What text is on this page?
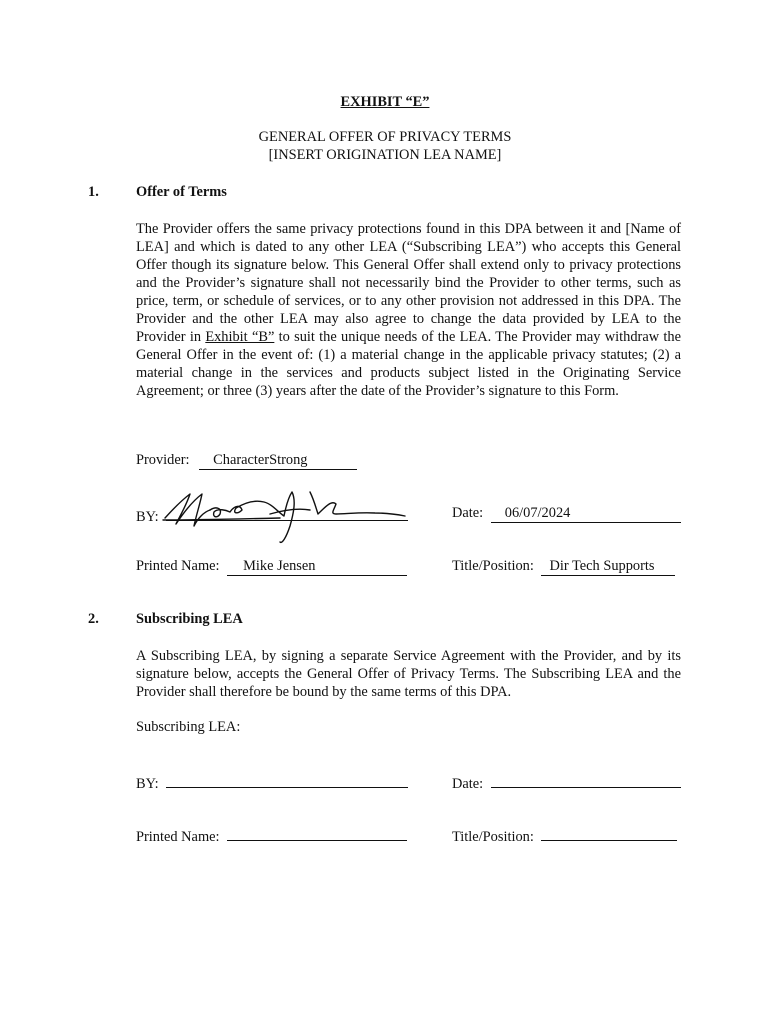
EXHIBIT “E”
GENERAL OFFER OF PRIVACY TERMS
[INSERT ORIGINATION LEA NAME]
1.	Offer of Terms
The Provider offers the same privacy protections found in this DPA between it and [Name of LEA] and which is dated to any other LEA (“Subscribing LEA”) who accepts this General Offer though its signature below. This General Offer shall extend only to privacy protections and the Provider’s signature shall not necessarily bind the Provider to other terms, such as price, term, or schedule of services, or to any other provision not addressed in this DPA. The Provider and the other LEA may also agree to change the data provided by LEA to the Provider in Exhibit “B” to suit the unique needs of the LEA. The Provider may withdraw the General Offer in the event of: (1) a material change in the applicable privacy statutes; (2) a material change in the services and products subject listed in the Originating Service Agreement; or three (3) years after the date of the Provider’s signature to this Form.
Provider: CharacterStrong
BY:	Date: 06/07/2024
Printed Name: Mike Jensen	Title/Position: Dir Tech Supports
2.	Subscribing LEA
A Subscribing LEA, by signing a separate Service Agreement with the Provider, and by its signature below, accepts the General Offer of Privacy Terms. The Subscribing LEA and the Provider shall therefore be bound by the same terms of this DPA.
Subscribing LEA:
BY:	Date:
Printed Name:	Title/Position:
